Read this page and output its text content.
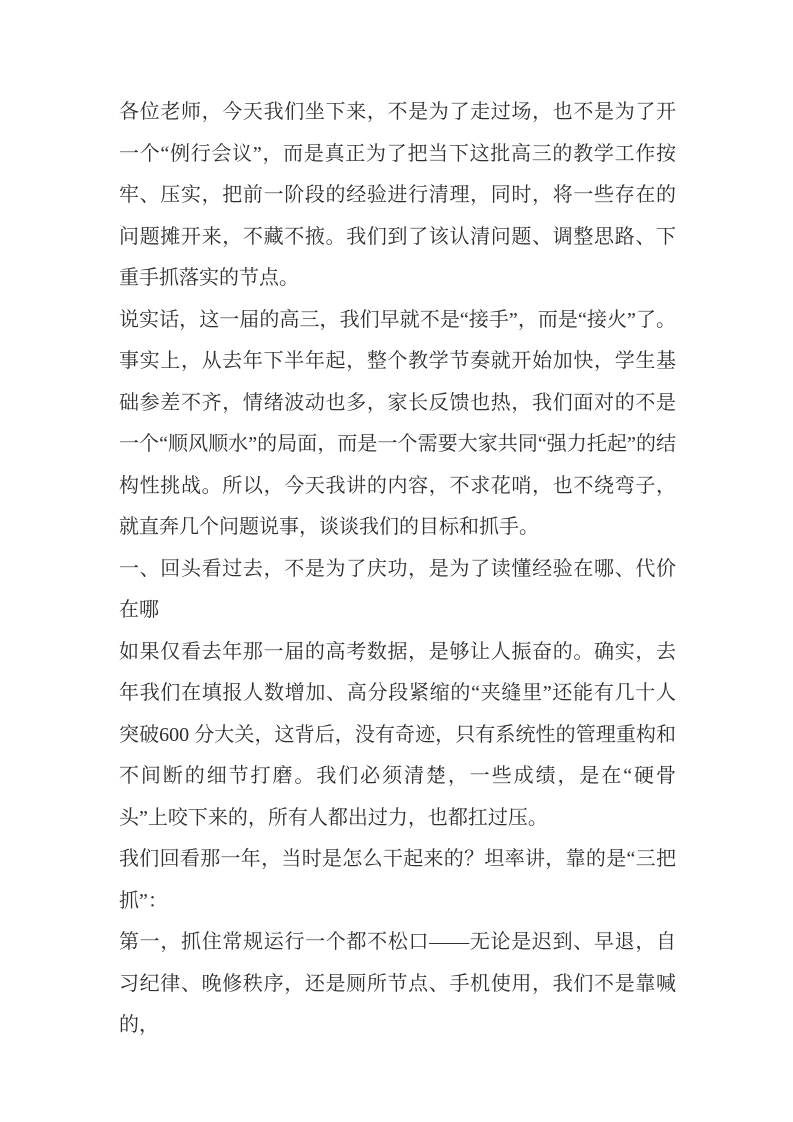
各位老师，今天我们坐下来，不是为了走过场，也不是为了开一个“例行会议”，而是真正为了把当下这批高三的教学工作按牢、压实，把前一阶段的经验进行清理，同时，将一些存在的问题摊开来，不藏不掖。我们到了该认清问题、调整思路、下重手抓落实的节点。

说实话，这一届的高三，我们早就不是“接手”，而是“接火”了。事实上，从去年下半年起，整个教学节奏就开始加快，学生基础参差不齐，情绪波动也多，家长反馈也热，我们面对的不是一个“顺风顺水”的局面，而是一个需要大家共同“强力托起”的结构性挑战。所以，今天我讲的内容，不求花哨，也不绕弯子，就直奔几个问题说事，谈谈我们的目标和抓手。

一、回头看过去，不是为了庆功，是为了读懂经验在哪、代价在哪

如果仅看去年那一届的高考数据，是够让人振奋的。确实，去年我们在填报人数增加、高分段紧缩的“夹缝里”还能有几十人突破600 分大关，这背后，没有奇迹，只有系统性的管理重构和不间断的细节打磨。我们必须清楚，一些成绩，是在“硬骨头”上咬下来的，所有人都出过力，也都扛过压。

我们回看那一年，当时是怎么干起来的？坦率讲，靠的是“三把抓”：

第一，抓住常规运行一个都不松口——无论是迟到、早退，自习纪律、晚修秩序，还是厕所节点、手机使用，我们不是靠喊的，
